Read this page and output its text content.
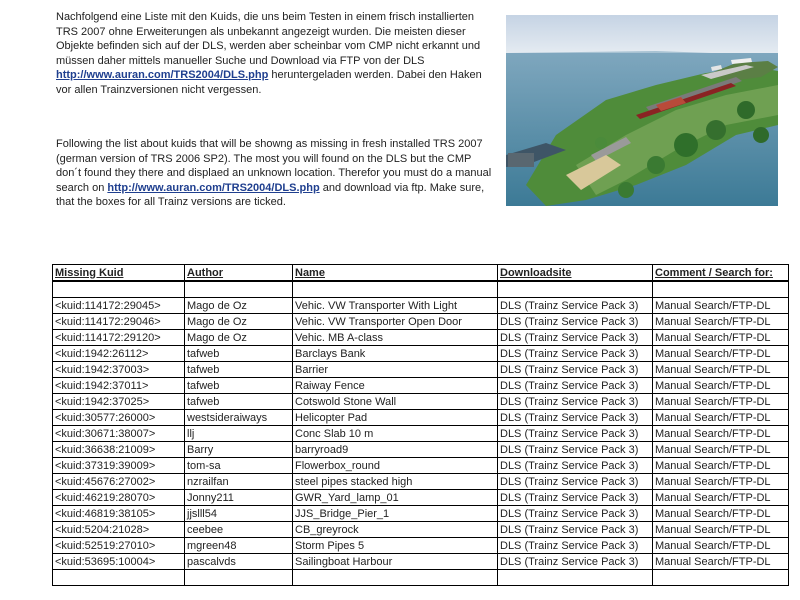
Nachfolgend eine Liste mit den Kuids, die uns beim Testen in einem frisch installierten TRS 2007 ohne Erweiterungen als unbekannt angezeigt wurden. Die meisten dieser Objekte befinden sich auf der DLS, werden aber scheinbar vom CMP nicht erkannt und müssen daher mittels manueller Suche und Download via FTP von der DLS http://www.auran.com/TRS2004/DLS.php heruntergeladen werden. Dabei den Haken vor allen Trainzversionen nicht vergessen.

Following the list about kuids that will be showng as missing in fresh installed TRS 2007 (german version of TRS 2006 SP2). The most you will found on the DLS but the CMP don´t found they there and displaed an unknown location. Therefor you must do a manual search on http://www.auran.com/TRS2004/DLS.php and download via ftp. Make sure, that the boxes for all Trainz versions are ticked.

Missing Kuid	Author	Name	Downloadsite	Comment / Search for:

<kuid:114172:29045>	Mago de Oz	Vehic. VW Transporter With Light	DLS (Trainz Service Pack 3)	Manual Search/FTP-DL
<kuid:114172:29046>	Mago de Oz	Vehic. VW Transporter Open Door	DLS (Trainz Service Pack 3)	Manual Search/FTP-DL
<kuid:114172:29120>	Mago de Oz	Vehic. MB A-class	DLS (Trainz Service Pack 3)	Manual Search/FTP-DL
<kuid:1942:26112>	tafweb	Barclays Bank	DLS (Trainz Service Pack 3)	Manual Search/FTP-DL
<kuid:1942:37003>	tafweb	Barrier	DLS (Trainz Service Pack 3)	Manual Search/FTP-DL
<kuid:1942:37011>	tafweb	Raiway Fence	DLS (Trainz Service Pack 3)	Manual Search/FTP-DL
<kuid:1942:37025>	tafweb	Cotswold Stone Wall	DLS (Trainz Service Pack 3)	Manual Search/FTP-DL
<kuid:30577:26000>	westsideraiways	Helicopter Pad	DLS (Trainz Service Pack 3)	Manual Search/FTP-DL
<kuid:30671:38007>	llj	Conc Slab 10 m	DLS (Trainz Service Pack 3)	Manual Search/FTP-DL
<kuid:36638:21009>	Barry	barryroad9	DLS (Trainz Service Pack 3)	Manual Search/FTP-DL
<kuid:37319:39009>	tom-sa	Flowerbox_round	DLS (Trainz Service Pack 3)	Manual Search/FTP-DL
<kuid:45676:27002>	nzrailfan	steel pipes stacked high	DLS (Trainz Service Pack 3)	Manual Search/FTP-DL
<kuid:46219:28070>	Jonny211	GWR_Yard_lamp_01	DLS (Trainz Service Pack 3)	Manual Search/FTP-DL
<kuid:46819:38105>	jjslll54	JJS_Bridge_Pier_1	DLS (Trainz Service Pack 3)	Manual Search/FTP-DL
<kuid:5204:21028>	ceebee	CB_greyrock	DLS (Trainz Service Pack 3)	Manual Search/FTP-DL
<kuid:52519:27010>	mgreen48	Storm Pipes 5	DLS (Trainz Service Pack 3)	Manual Search/FTP-DL
<kuid:53695:10004>	pascalvds	Sailingboat Harbour	DLS (Trainz Service Pack 3)	Manual Search/FTP-DL
